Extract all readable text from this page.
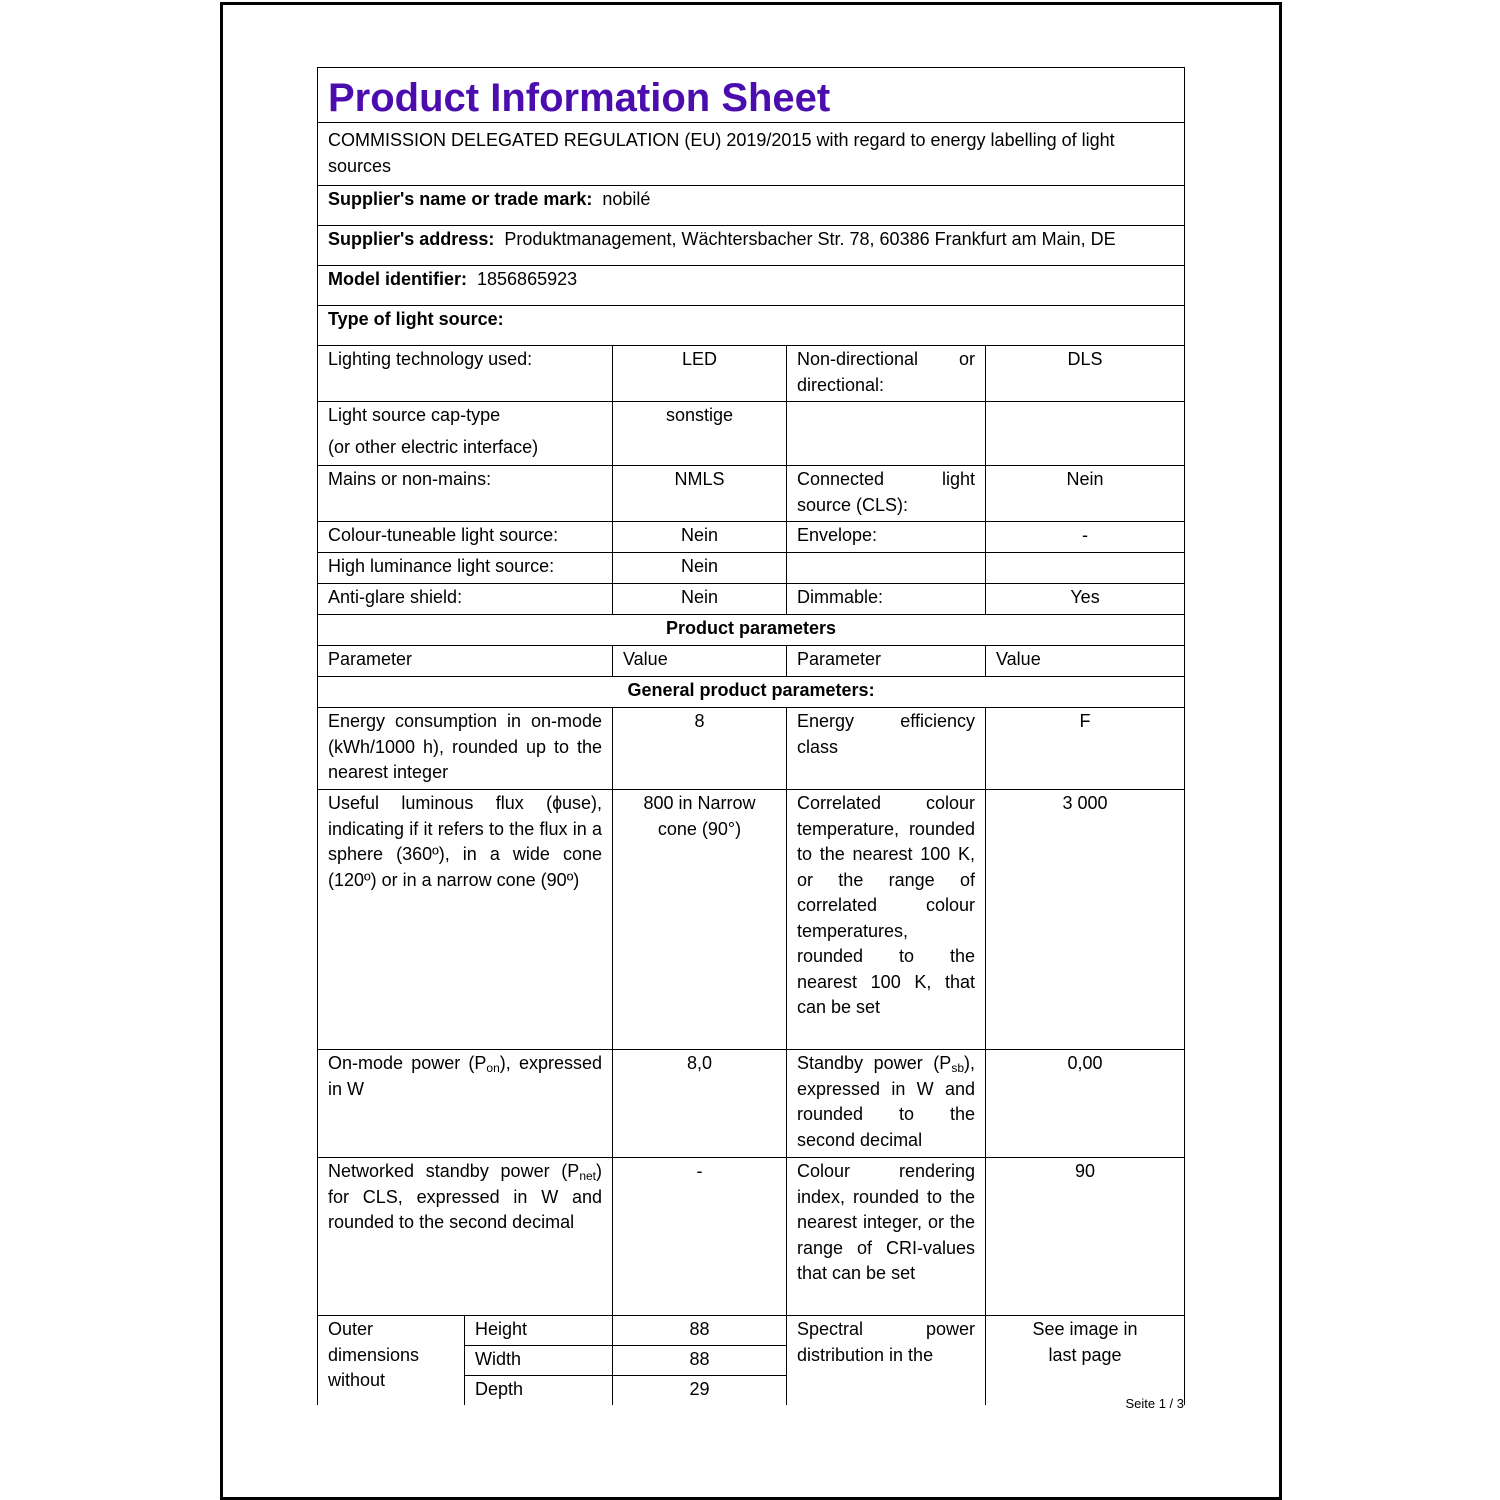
Product Information Sheet				
COMMISSION DELEGATED REGULATION (EU) 2019/2015 with regard to energy labelling of light sources				
Supplier's name or trade mark: nobilé				
Supplier's address: Produktmanagement, Wächtersbacher Str. 78, 60386 Frankfurt am Main, DE				
Model identifier: 1856865923				
Type of light source:				
Lighting technology used:		LED	Non-directional or directional:	DLS

Light source cap-type
(or other electric interface)		sonstige		
Mains or non-mains:		NMLS	Connected light source (CLS):	Nein
Colour-tuneable light source:		Nein	Envelope:	-
High luminance light source:		Nein		
Anti-glare shield:		Nein	Dimmable:	Yes
Product parameters				
Parameter		Value	Parameter	Value
General product parameters:				
Energy consumption in on-mode (kWh/1000 h), rounded up to the nearest integer		8	Energy efficiency class	F
Useful luminous flux (ɸuse), indicating if it refers to the flux in a sphere (360º), in a wide cone (120º) or in a narrow cone (90º)		800 in Narrow cone (90°)	Correlated colour temperature, rounded to the nearest 100 K, or the range of correlated colour temperatures, rounded to the nearest 100 K, that can be set	3 000
On-mode power $(P_{on})$, expressed in W		8,0	Standby power $(P_{sb})$, expressed in W and rounded to the second decimal	0,00
Networked standby power $(P_{net})$ for CLS, expressed in W and rounded to the second decimal		-	Colour rendering index, rounded to the nearest integer, or the range of CRI-values that can be set	90
Outer dimensions without	Height	88	Spectral power distribution in the	See image in last page
	Width	88		
	Depth	29		
Seite 1 / 3
